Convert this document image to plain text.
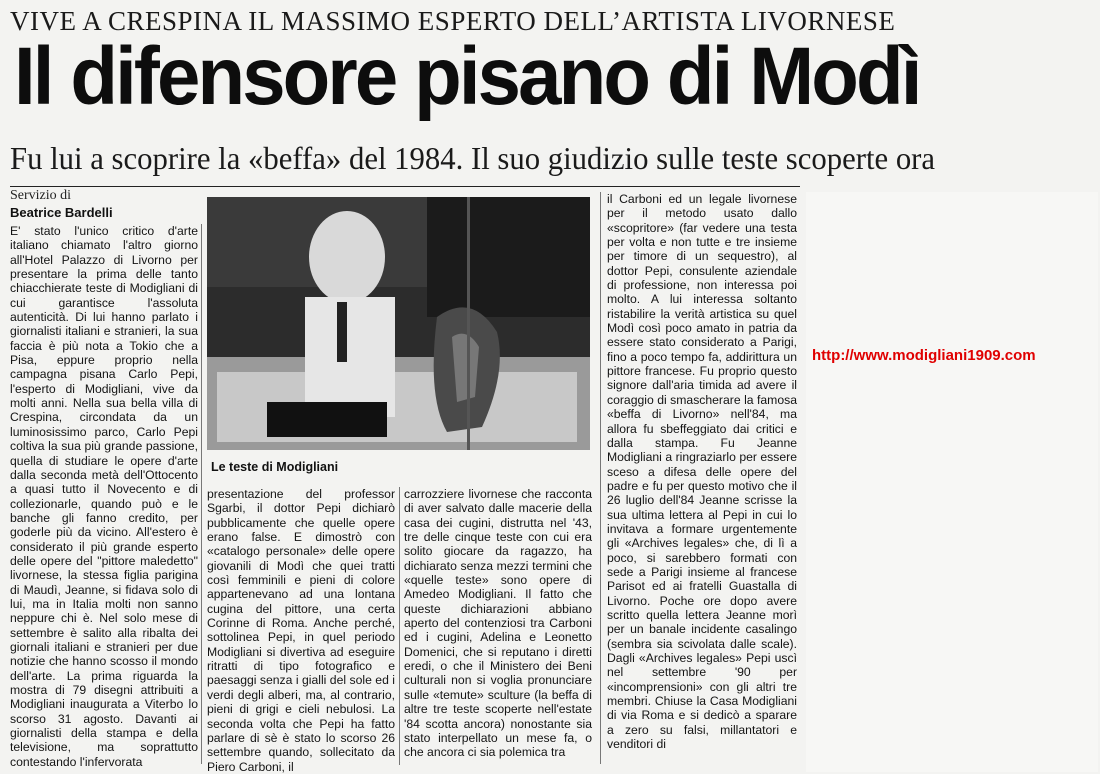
VIVE A CRESPINA IL MASSIMO ESPERTO DELL’ARTISTA LIVORNESE
Il difensore pisano di Modì
Fu lui a scoprire la «beffa» del 1984. Il suo giudizio sulle teste scoperte ora
Servizio di
Beatrice Bardelli

E' stato l'unico critico d'arte italiano chiamato l'altro giorno all'Hotel Palazzo di Livorno per presentare la prima delle tanto chiacchierate teste di Modigliani di cui garantisce l'assoluta autenticità. Di lui hanno parlato i giornalisti italiani e stranieri, la sua faccia è più nota a Tokio che a Pisa, eppure proprio nella campagna pisana Carlo Pepi, l'esperto di Modigliani, vive da molti anni. Nella sua bella villa di Crespina, circondata da un luminosissimo parco, Carlo Pepi coltiva la sua più grande passione, quella di studiare le opere d'arte dalla seconda metà dell'Ottocento a quasi tutto il Novecento e di collezionarle, quando può e le banche gli fanno credito, per goderle più da vicino. All'estero è considerato il più grande esperto delle opere del "pittore maledetto" livornese, la stessa figlia parigina di Maudì, Jeanne, si fidava solo di lui, ma in Italia molti non sanno neppure chi è. Nel solo mese di settembre è salito alla ribalta dei giornali italiani e stranieri per due notizie che hanno scosso il mondo dell'arte. La prima riguarda la mostra di 79 disegni attribuiti a Modigliani inaugurata a Viterbo lo scorso 31 agosto. Davanti ai giornalisti della stampa e della televisione, ma soprattutto contestando l'infervorata

Le teste di Modigliani

presentazione del professor Sgarbi, il dottor Pepi dichiarò pubblicamente che quelle opere erano false. E dimostrò con «catalogo personale» delle opere giovanili di Modì che quei tratti così femminili e pieni di colore appartenevano ad una lontana cugina del pittore, una certa Corinne di Roma. Anche perché, sottolinea Pepi, in quel periodo Modigliani si divertiva ad eseguire ritratti di tipo fotografico e paesaggi senza i gialli del sole ed i verdi degli alberi, ma, al contrario, pieni di grigi e cieli nebulosi. La seconda volta che Pepi ha fatto parlare di sè è stato lo scorso 26 settembre quando, sollecitato da Piero Carboni, il

carrozziere livornese che racconta di aver salvato dalle macerie della casa dei cugini, distrutta nel '43, tre delle cinque teste con cui era solito giocare da ragazzo, ha dichiarato senza mezzi termini che «quelle teste» sono opere di Amedeo Modigliani. Il fatto che queste dichiarazioni abbiano aperto del contenziosi tra Carboni ed i cugini, Adelina e Leonetto Domenici, che si reputano i diretti eredi, o che il Ministero dei Beni culturali non si voglia pronunciare sulle «temute» sculture (la beffa di altre tre teste scoperte nell'estate '84 scotta ancora) nonostante sia stato interpellato un mese fa, o che ancora ci sia polemica tra

il Carboni ed un legale livornese per il metodo usato dallo «scopritore» (far vedere una testa per volta e non tutte e tre insieme per timore di un sequestro), al dottor Pepi, consulente aziendale di professione, non interessa poi molto. A lui interessa soltanto ristabilire la verità artistica su quel Modì così poco amato in patria da essere stato considerato a Parigi, fino a poco tempo fa, addirittura un pittore francese. Fu proprio questo signore dall'aria timida ad avere il coraggio di smascherare la famosa «beffa di Livorno» nell'84, ma allora fu sbeffeggiato dai critici e dalla stampa. Fu Jeanne Modigliani a ringraziarlo per essere sceso a difesa delle opere del padre e fu per questo motivo che il 26 luglio dell'84 Jeanne scrisse la sua ultima lettera al Pepi in cui lo invitava a formare urgentemente gli «Archives legales» che, di lì a poco, si sarebbero formati con sede a Parigi insieme al francese Parisot ed ai fratelli Guastalla di Livorno. Poche ore dopo avere scritto quella lettera Jeanne morì per un banale incidente casalingo (sembra sia scivolata dalle scale). Dagli «Archives legales» Pepi uscì nel settembre '90 per «incomprensioni» con gli altri tre membri. Chiuse la Casa Modigliani di via Roma e si dedicò a sparare a zero su falsi, millantatori e venditori di

http://www.modigliani1909.com
